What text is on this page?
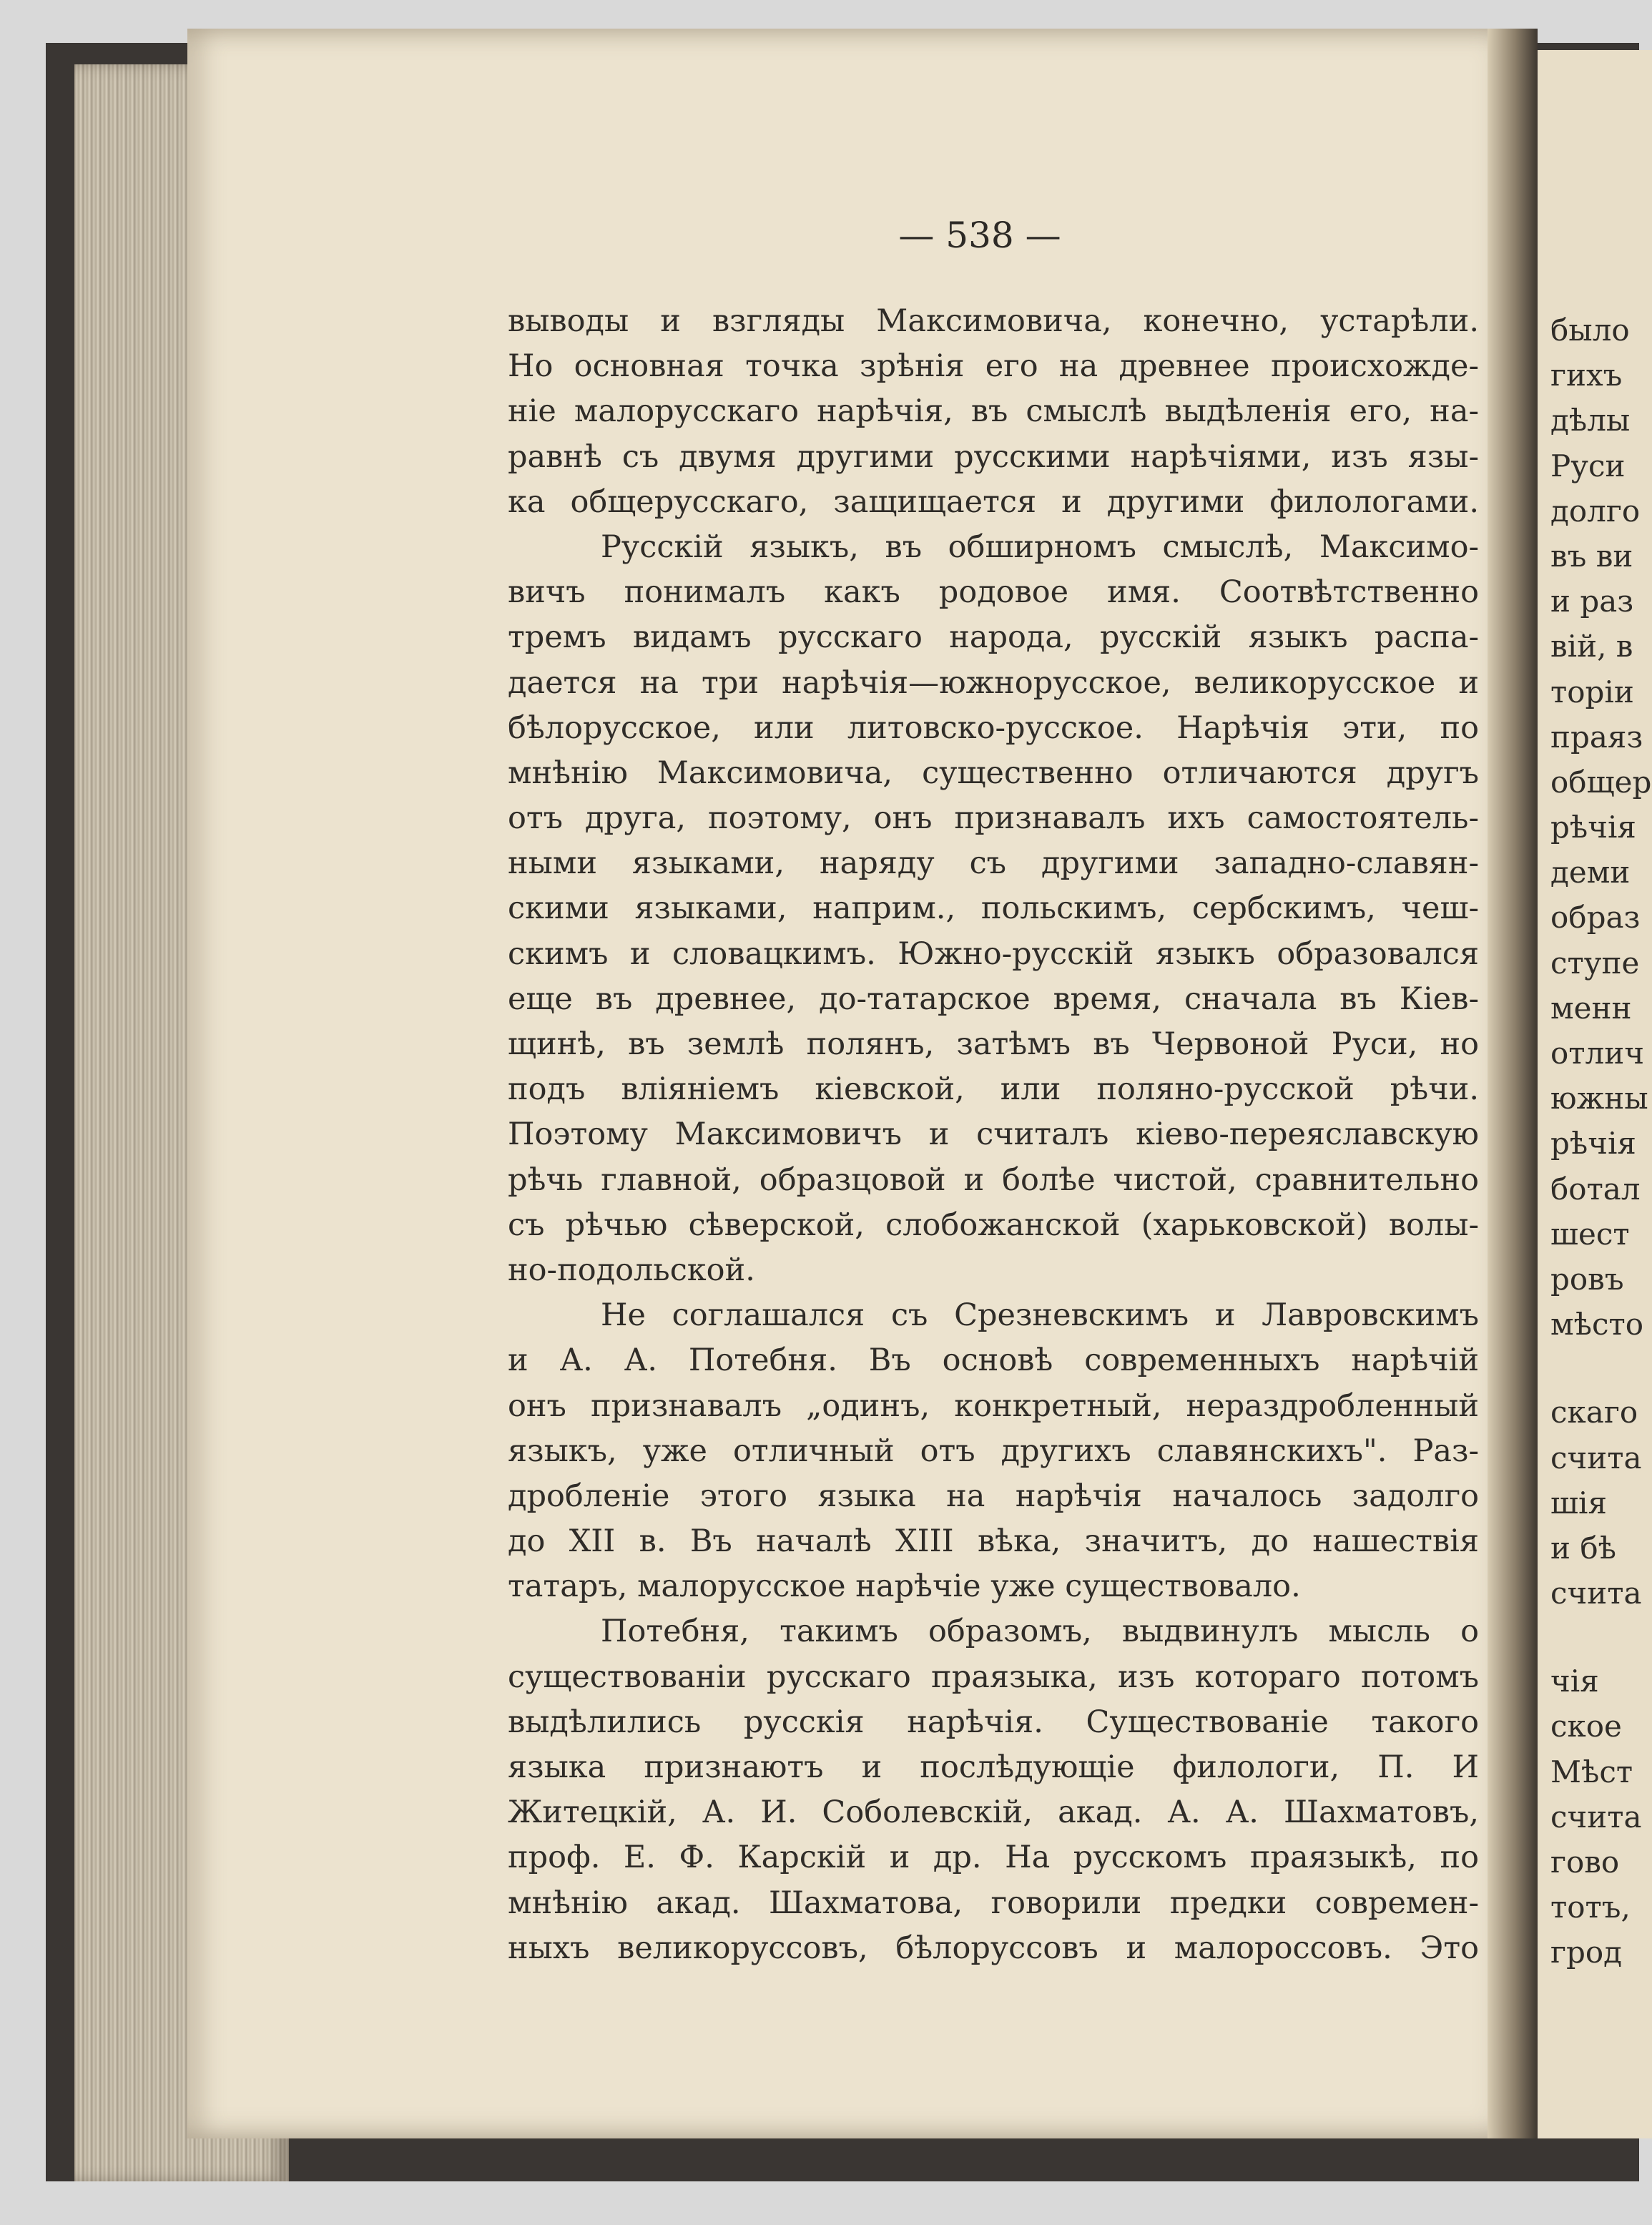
— 538 —
выводы и взгляды Максимовича, конечно, устарѣли.
Но основная точка зрѣнія его на древнее происхожде-
ніе малорусскаго нарѣчія, въ смыслѣ выдѣленія его, на-
равнѣ съ двумя другими русскими нарѣчіями, изъ язы-
ка общерусскаго, защищается и другими филологами.
Русскій языкъ, въ обширномъ смыслѣ, Максимо-
вичъ понималъ какъ родовое имя. Соотвѣтственно
тремъ видамъ русскаго народа, русскій языкъ распа-
дается на три нарѣчія—южнорусское, великорусское и
бѣлорусское, или литовско-русское. Нарѣчія эти, по
мнѣнію Максимовича, существенно отличаются другъ
отъ друга, поэтому, онъ признавалъ ихъ самостоятель-
ными языками, наряду съ другими западно-славян-
скими языками, наприм., польскимъ, сербскимъ, чеш-
скимъ и словацкимъ. Южно-русскій языкъ образовался
еще въ древнее, до-татарское время, сначала въ Кіев-
щинѣ, въ землѣ полянъ, затѣмъ въ Червоной Руси, но
подъ вліяніемъ кіевской, или поляно-русской рѣчи.
Поэтому Максимовичъ и считалъ кіево-переяславскую
рѣчь главной, образцовой и болѣе чистой, сравнительно
съ рѣчью сѣверской, слобожанской (харьковской) волы-
но-подольской.
Не соглашался съ Срезневскимъ и Лавровскимъ
и А. А. Потебня. Въ основѣ современныхъ нарѣчій
онъ признавалъ „одинъ, конкретный, нераздробленный
языкъ, уже отличный отъ другихъ славянскихъ". Раз-
дробленіе этого языка на нарѣчія началось задолго
до XII в. Въ началѣ XIII вѣка, значитъ, до нашествія
татаръ, малорусское нарѣчіе уже существовало.
Потебня, такимъ образомъ, выдвинулъ мысль о
существованіи русскаго праязыка, изъ котораго потомъ
выдѣлились русскія нарѣчія. Существованіе такого
языка признаютъ и послѣдующіе филологи, П. И
Житецкій, А. И. Соболевскій, акад. А. А. Шахматовъ,
проф. Е. Ф. Карскій и др. На русскомъ праязыкѣ, по
мнѣнію акад. Шахматова, говорили предки современ-
ныхъ великоруссовъ, бѣлоруссовъ и малороссовъ. Это
было
гихъ
дѣлы
Руси
долго
въ ви
и раз
вій, в
торіи
праяз
общер
рѣчія
деми
образ
ступе
менн
отлич
южны
рѣчія
ботал
шест
ровъ
мѣсто
скаго
счита
шія
и бѣ
счита
чія
ское
Мѣст
счита
гово
тотъ,
грод
